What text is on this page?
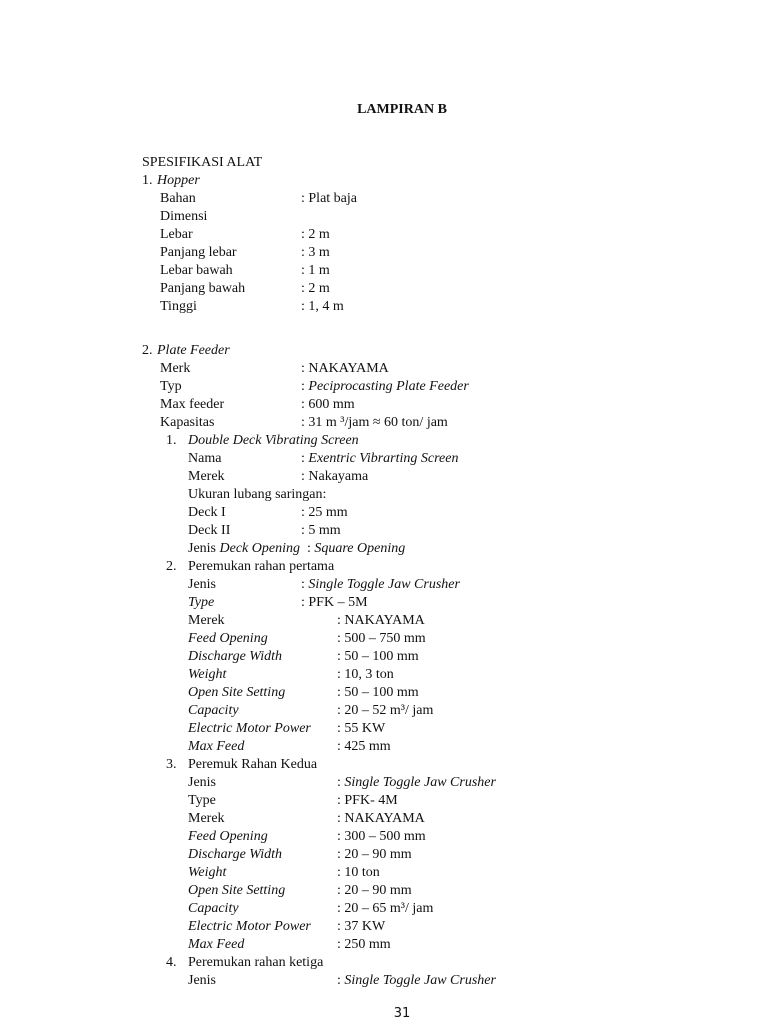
LAMPIRAN B
SPESIFIKASI ALAT
1. Hopper
Bahan	: Plat baja
Dimensi
Lebar	: 2 m
Panjang lebar	: 3 m
Lebar bawah	: 1 m
Panjang bawah	: 2 m
Tinggi	: 1, 4 m
2. Plate Feeder
Merk	: NAKAYAMA
Typ	: Peciprocasting Plate Feeder
Max feeder	: 600 mm
Kapasitas	: 31 m ³/jam ≈ 60 ton/ jam
1. Double Deck Vibrating Screen
Nama	: Exentric Vibrarting Screen
Merek	: Nakayama
Ukuran lubang saringan:
Deck I	: 25 mm
Deck II	: 5 mm
Jenis Deck Opening  : Square Opening
2. Peremukan rahan pertama
Jenis	: Single Toggle Jaw Crusher
Type	: PFK – 5M
Merek	: NAKAYAMA
Feed Opening	: 500 – 750 mm
Discharge Width	: 50 – 100 mm
Weight	: 10, 3 ton
Open Site Setting	: 50 – 100 mm
Capacity	: 20 – 52 m³/ jam
Electric Motor Power : 55 KW
Max Feed	: 425 mm
3. Peremuk Rahan Kedua
Jenis	: Single Toggle Jaw Crusher
Type	: PFK- 4M
Merek	: NAKAYAMA
Feed Opening	: 300 – 500 mm
Discharge Width	: 20 – 90 mm
Weight	: 10 ton
Open Site Setting	: 20 – 90 mm
Capacity	: 20 – 65 m³/ jam
Electric Motor Power : 37 KW
Max Feed	: 250 mm
4. Peremukan rahan ketiga
Jenis	: Single Toggle Jaw Crusher
31
